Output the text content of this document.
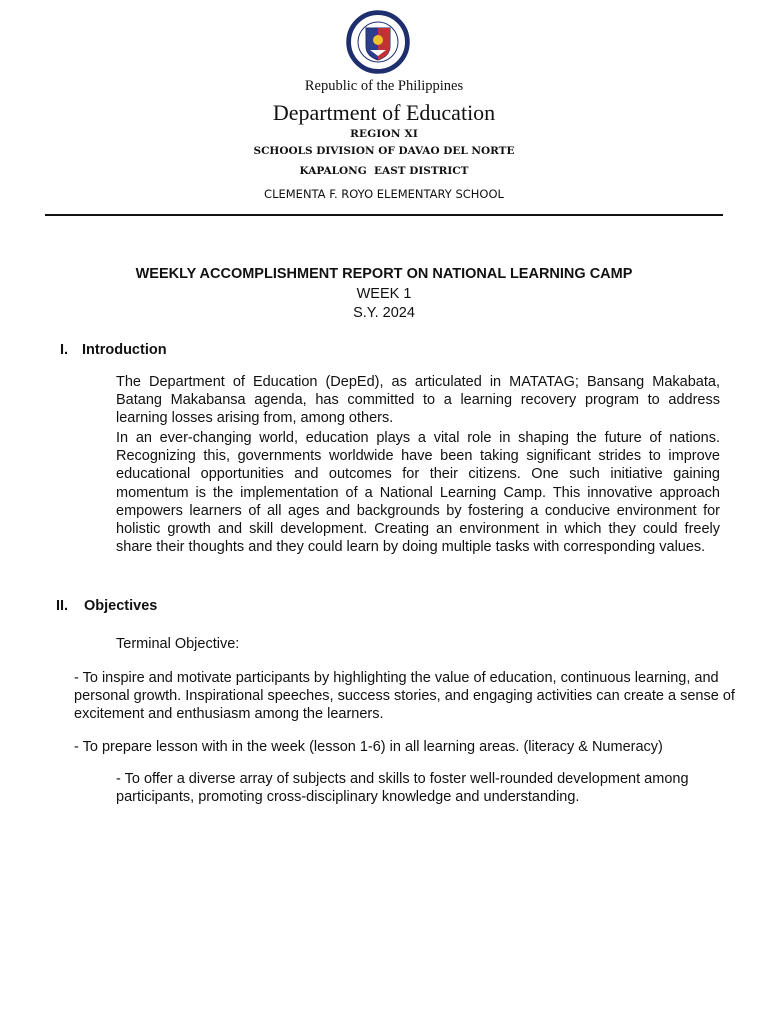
Republic of the Philippines
Department of Education
REGION XI
SCHOOLS DIVISION OF DAVAO DEL NORTE
KAPALONG  EAST DISTRICT
CLEMENTA F. ROYO ELEMENTARY SCHOOL
WEEKLY ACCOMPLISHMENT REPORT ON NATIONAL LEARNING CAMP
WEEK 1
S.Y. 2024
I. Introduction
The Department of Education (DepEd), as articulated in MATATAG; Bansang Makabata, Batang Makabansa agenda, has committed to a learning recovery program to address learning losses arising from, among others.
In an ever-changing world, education plays a vital role in shaping the future of nations. Recognizing this, governments worldwide have been taking significant strides to improve educational opportunities and outcomes for their citizens. One such initiative gaining momentum is the implementation of a National Learning Camp. This innovative approach empowers learners of all ages and backgrounds by fostering a conducive environment for holistic growth and skill development. Creating an environment in which they could freely share their thoughts and they could learn by doing multiple tasks with corresponding values.
II. Objectives
Terminal Objective:
- To inspire and motivate participants by highlighting the value of education, continuous learning, and personal growth. Inspirational speeches, success stories, and engaging activities can create a sense of excitement and enthusiasm among the learners.
- To prepare lesson with in the week (lesson 1-6) in all learning areas. (literacy & Numeracy)
- To offer a diverse array of subjects and skills to foster well-rounded development among participants, promoting cross-disciplinary knowledge and understanding.
